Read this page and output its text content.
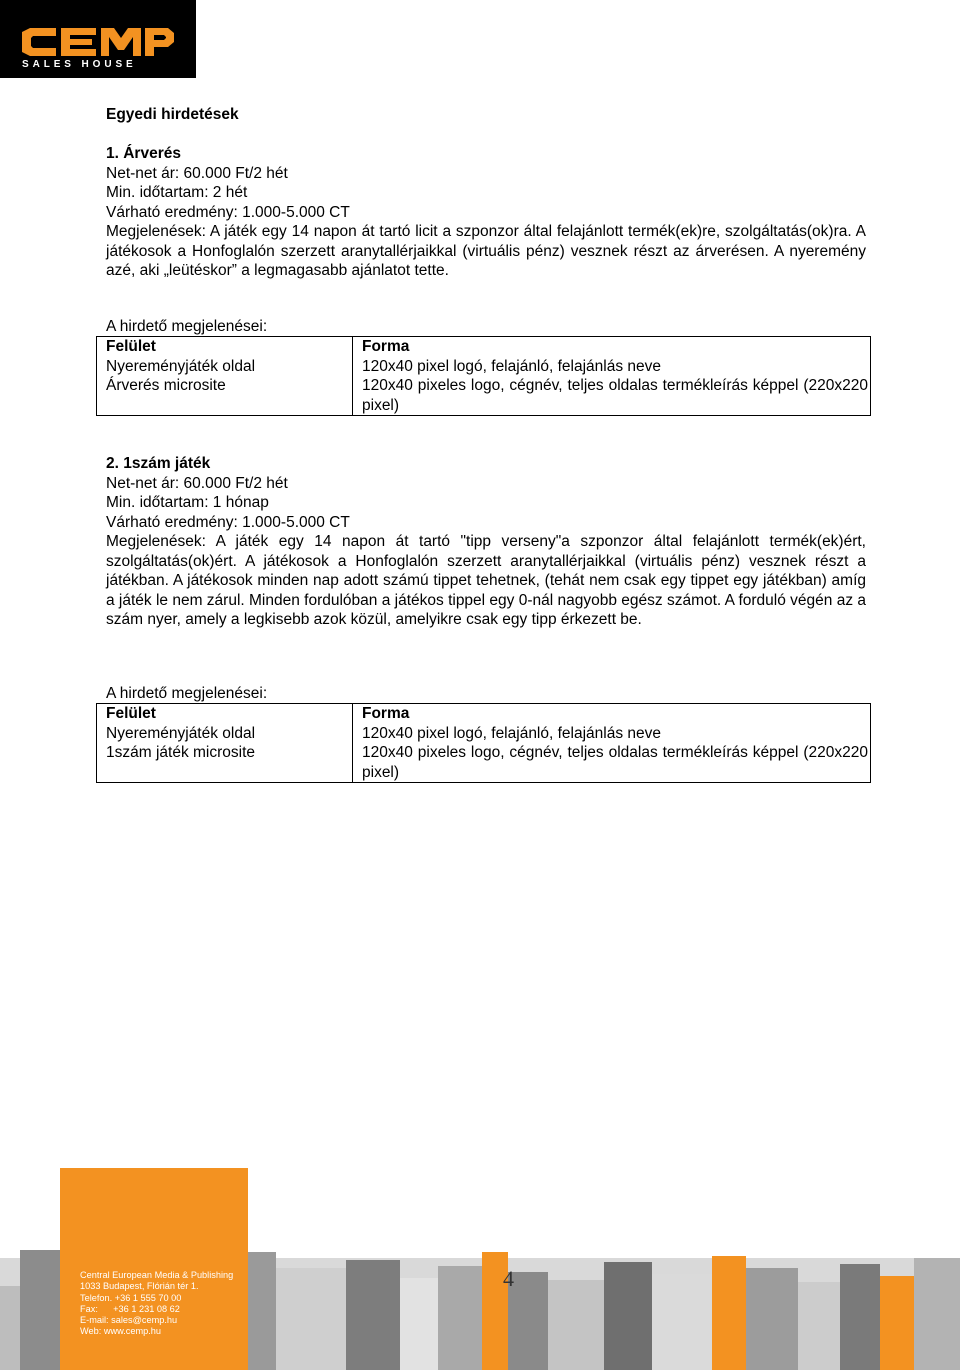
SALES HOUSE
Egyedi hirdetések
1. Árverés
Net-net ár: 60.000 Ft/2 hét
Min. időtartam: 2 hét
Várható eredmény: 1.000-5.000 CT
Megjelenések: A játék egy 14 napon át tartó licit a szponzor által felajánlott termék(ek)re, szolgáltatás(ok)ra. A játékosok a Honfoglalón szerzett aranytallérjaikkal (virtuális pénz) vesznek részt az árverésen. A nyeremény azé, aki „leütéskor” a legmagasabb ajánlatot tette.
A hirdető megjelenései:
Felület	Forma
Nyereményjáték oldal	120x40 pixel logó, felajánló, felajánlás neve
Árverés microsite	120x40 pixeles logo, cégnév, teljes oldalas termékleírás képpel (220x220 pixel)
2. 1szám játék
Net-net ár: 60.000 Ft/2 hét
Min. időtartam: 1 hónap
Várható eredmény: 1.000-5.000 CT
Megjelenések: A játék egy 14 napon át tartó "tipp verseny"a szponzor által felajánlott termék(ek)ért, szolgáltatás(ok)ért. A játékosok a Honfoglalón szerzett aranytallérjaikkal (virtuális pénz) vesznek részt a játékban. A játékosok minden nap adott számú tippet tehetnek, (tehát nem csak egy tippet egy játékban) amíg a játék le nem zárul. Minden fordulóban a játékos tippel egy 0-nál nagyobb egész számot. A forduló végén az a szám nyer, amely a legkisebb azok közül, amelyikre csak egy tipp érkezett be.
A hirdető megjelenései:
Felület	Forma
Nyereményjáték oldal	120x40 pixel logó, felajánló, felajánlás neve
1szám játék microsite	120x40 pixeles logo, cégnév, teljes oldalas termékleírás képpel (220x220 pixel)
Central European Media & Publishing
1033 Budapest, Flórián tér 1.
Telefon. +36 1 555 70 00
Fax:      +36 1 231 08 62
E-mail: sales@cemp.hu
Web: www.cemp.hu
4
